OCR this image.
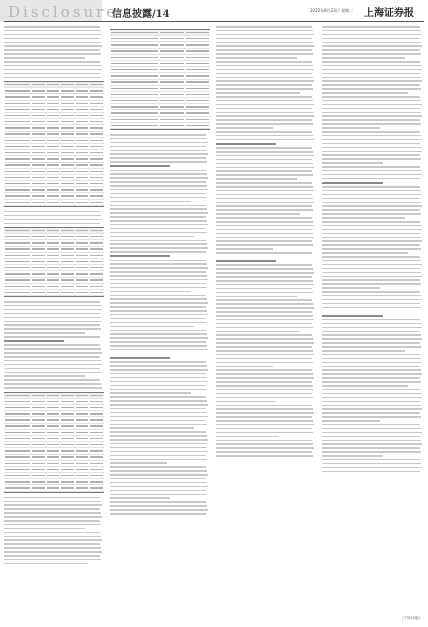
Disclosure
信息披露/14	2022年8月23日 星期二 上海证券报
(下转15版)
